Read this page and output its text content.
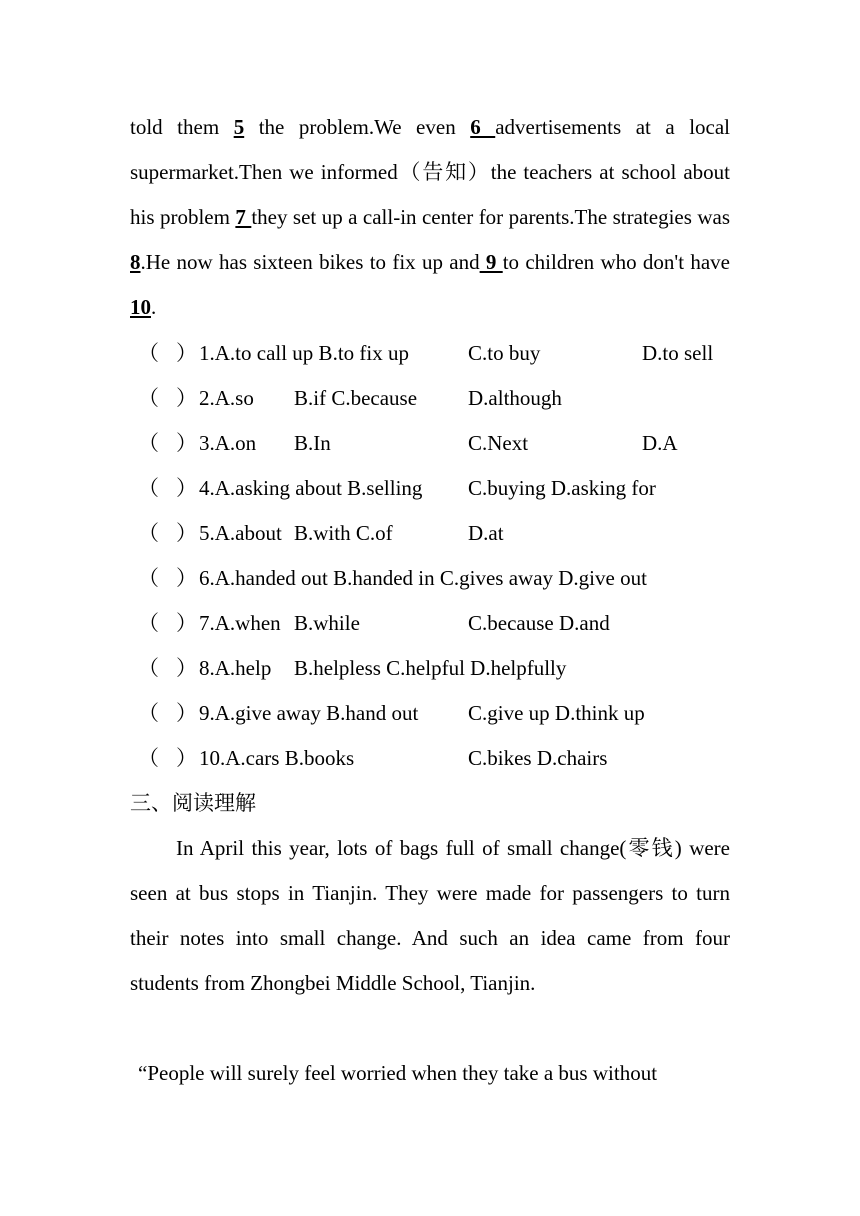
told them 5 the problem.We even 6 advertisements at a local supermarket.Then we informed（告知）the teachers at school about his problem 7 they set up a call-in center for parents.The strategies was 8.He now has sixteen bikes to fix up and 9 to children who don't have 10.
（ ） 1.A.to call up B.to fix up	C.to buy	D.to sell
（ ） 2.A.so B.if C.because D.although
（ ） 3.A.on B.In	C.Next	D.A
（ ） 4.A.asking about B.selling C.buying D.asking for
（ ） 5.A.about B.with C.of	D.at
（ ） 6.A.handed out B.handed in C.gives away D.give out
（ ） 7.A.when B.while	C.because D.and
（ ） 8.A.help B.helpless C.helpful D.helpfully
（ ） 9.A.give away B.hand out C.give up D.think up
（ ） 10.A.cars B.books	C.bikes D.chairs
三、阅读理解
In April this year, lots of bags full of small change(零钱) were seen at bus stops in Tianjin. They were made for passengers to turn their notes into small change. And such an idea came from four students from Zhongbei Middle School, Tianjin.
“People will surely feel worried when they take a bus without
